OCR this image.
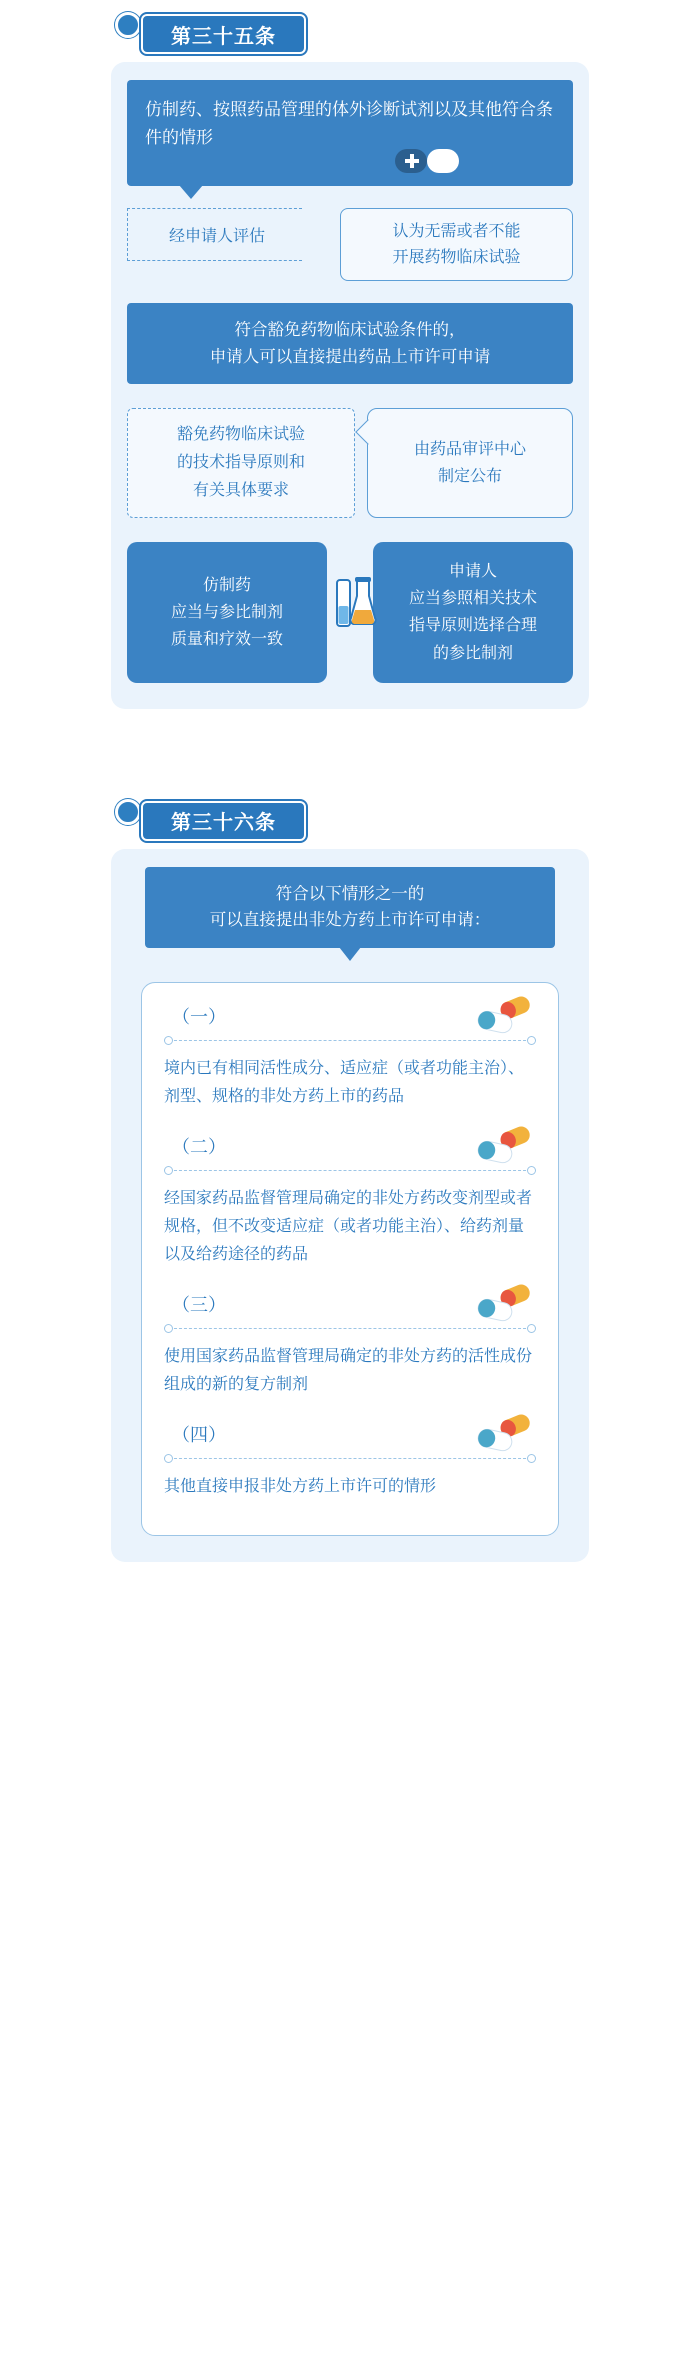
第三十五条
仿制药、按照药品管理的体外诊断试剂以及其他符合条件的情形
经申请人评估	认为无需或者不能
开展药物临床试验
符合豁免药物临床试验条件的，
申请人可以直接提出药品上市许可申请
豁免药物临床试验
的技术指导原则和
有关具体要求
由药品审评中心
制定公布
仿制药
应当与参比制剂
质量和疗效一致
申请人
应当参照相关技术
指导原则选择合理
的参比制剂
第三十六条
符合以下情形之一的
可以直接提出非处方药上市许可申请：
（一）
境内已有相同活性成分、适应症（或者功能主治）、剂型、规格的非处方药上市的药品
（二）
经国家药品监督管理局确定的非处方药改变剂型或者规格，但不改变适应症（或者功能主治）、给药剂量以及给药途径的药品
（三）
使用国家药品监督管理局确定的非处方药的活性成份组成的新的复方制剂
（四）
其他直接申报非处方药上市许可的情形
